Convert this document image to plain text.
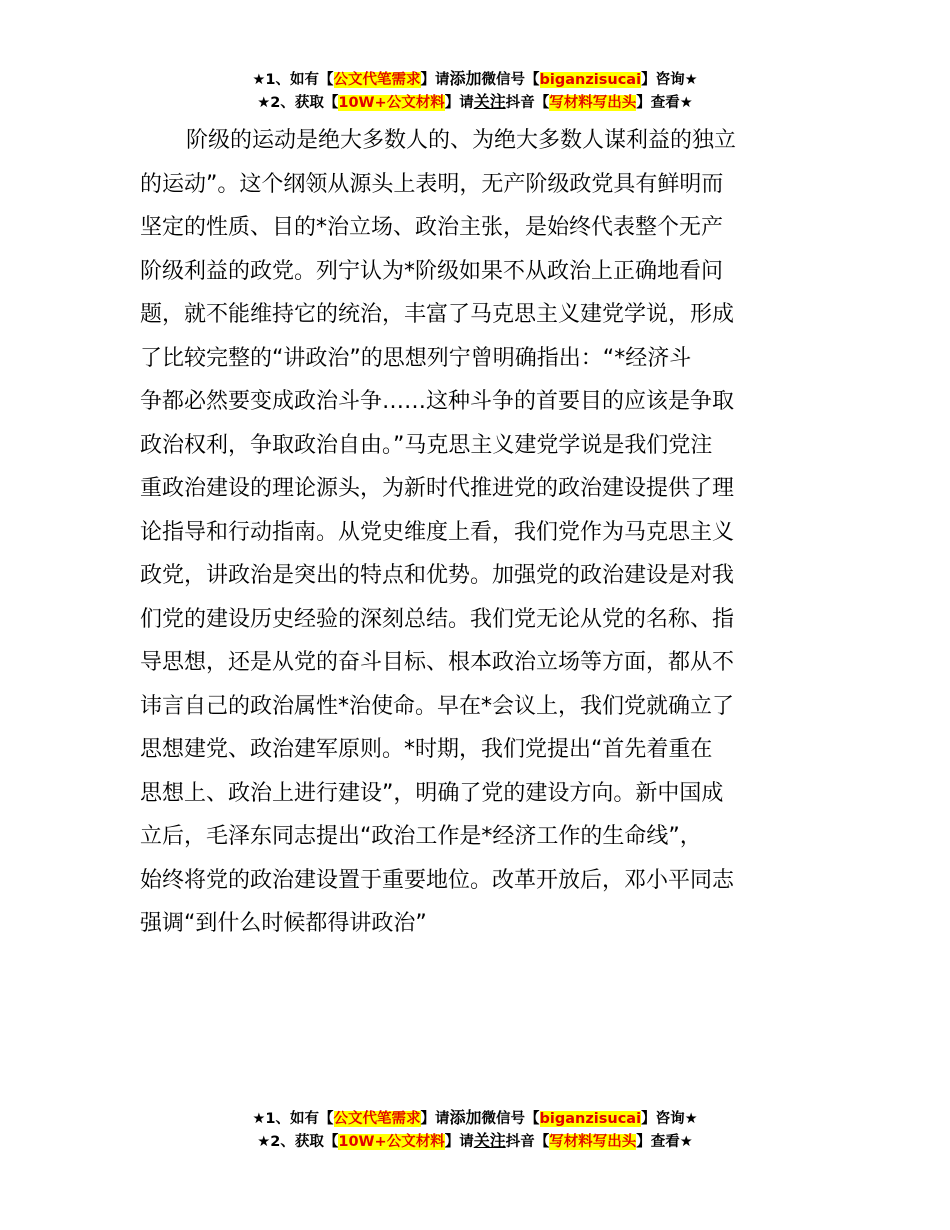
★1、如有【公文代笔需求】请添加微信号【biganzisucai】咨询★
★2、获取【10W+公文材料】请关注抖音【写材料写出头】查看★
阶级的运动是绝大多数人的、为绝大多数人谋利益的独立
的运动”。这个纲领从源头上表明，无产阶级政党具有鲜明而
坚定的性质、目的*治立场、政治主张，是始终代表整个无产
阶级利益的政党。列宁认为*阶级如果不从政治上正确地看问
题，就不能维持它的统治，丰富了马克思主义建党学说，形成
了比较完整的“讲政治”的思想列宁曾明确指出：“*经济斗
争都必然要变成政治斗争……这种斗争的首要目的应该是争取
政治权利，争取政治自由。”马克思主义建党学说是我们党注
重政治建设的理论源头，为新时代推进党的政治建设提供了理
论指导和行动指南。从党史维度上看，我们党作为马克思主义
政党，讲政治是突出的特点和优势。加强党的政治建设是对我
们党的建设历史经验的深刻总结。我们党无论从党的名称、指
导思想，还是从党的奋斗目标、根本政治立场等方面，都从不
讳言自己的政治属性*治使命。早在*会议上，我们党就确立了
思想建党、政治建军原则。*时期，我们党提出“首先着重在
思想上、政治上进行建设”，明确了党的建设方向。新中国成
立后，毛泽东同志提出“政治工作是*经济工作的生命线”，
始终将党的政治建设置于重要地位。改革开放后，邓小平同志
强调“到什么时候都得讲政治”
★1、如有【公文代笔需求】请添加微信号【biganzisucai】咨询★
★2、获取【10W+公文材料】请关注抖音【写材料写出头】查看★
